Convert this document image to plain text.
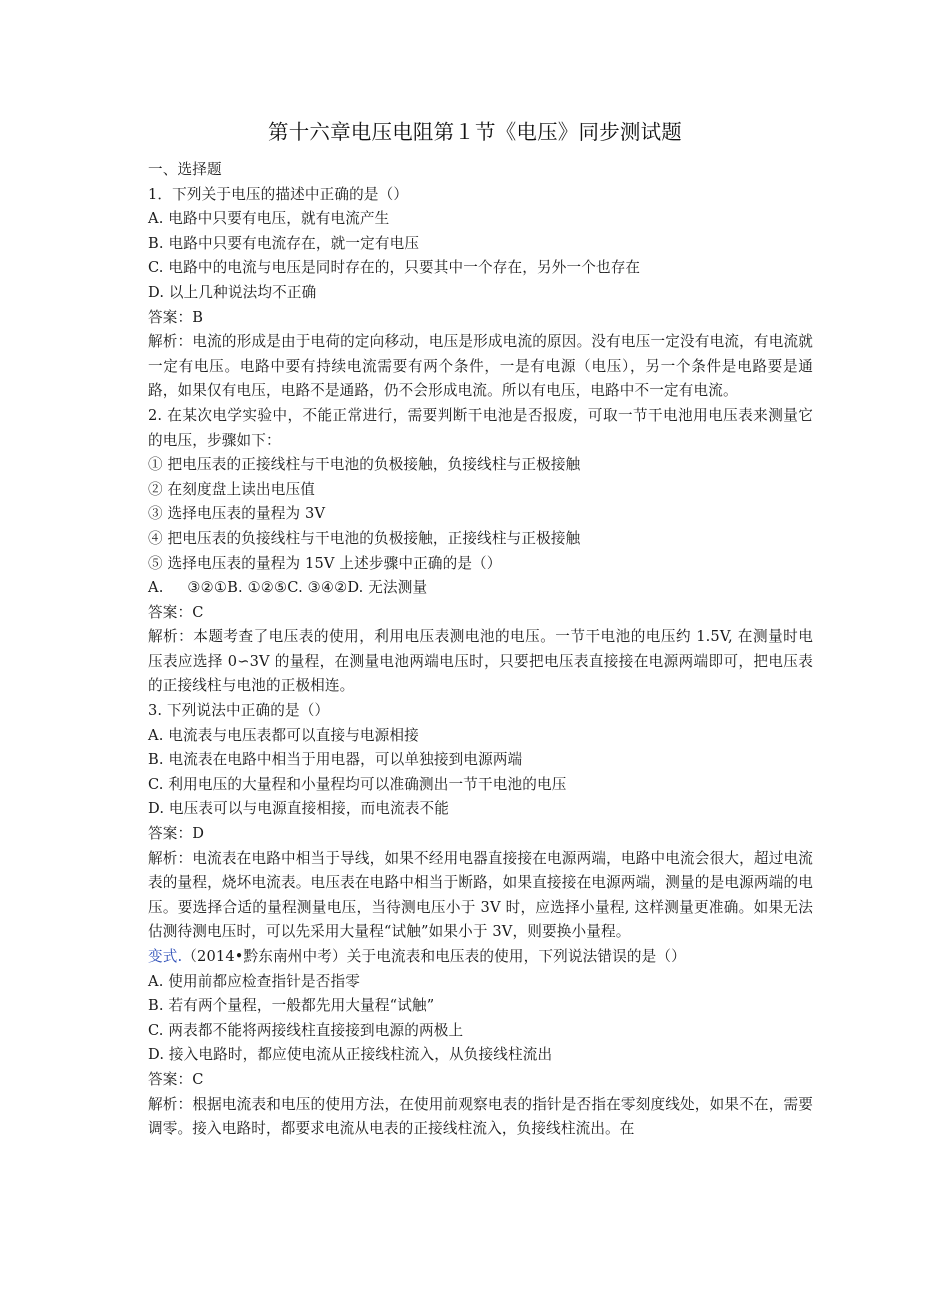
第十六章电压电阻第１节《电压》同步测试题

一、选择题

1．下列关于电压的描述中正确的是（）

A. 电路中只要有电压，就有电流产生

B. 电路中只要有电流存在，就一定有电压

C. 电路中的电流与电压是同时存在的，只要其中一个存在，另外一个也存在

D. 以上几种说法均不正确

答案：B

解析：电流的形成是由于电荷的定向移动，电压是形成电流的原因。没有电压一定没有电流，有电流就一定有电压。电路中要有持续电流需要有两个条件，一是有电源（电压），另一个条件是电路要是通路，如果仅有电压，电路不是通路，仍不会形成电流。所以有电压，电路中不一定有电流。

2. 在某次电学实验中，不能正常进行，需要判断干电池是否报废，可取一节干电池用电压表来测量它的电压，步骤如下：

① 把电压表的正接线柱与干电池的负极接触，负接线柱与正极接触

② 在刻度盘上读出电压值

③ 选择电压表的量程为 3V

④ 把电压表的负接线柱与干电池的负极接触，正接线柱与正极接触

⑤ 选择电压表的量程为 15V 上述步骤中正确的是（）

A.     ③②①B. ①②⑤C. ③④②D. 无法测量

答案：C

解析：本题考查了电压表的使用，利用电压表测电池的电压。一节干电池的电压约 1.5V, 在测量时电压表应选择 0∽3V 的量程，在测量电池两端电压时，只要把电压表直接接在电源两端即可，把电压表的正接线柱与电池的正极相连。

3. 下列说法中正确的是（）

A. 电流表与电压表都可以直接与电源相接

B. 电流表在电路中相当于用电器，可以单独接到电源两端

C. 利用电压的大量程和小量程均可以准确测出一节干电池的电压

D. 电压表可以与电源直接相接，而电流表不能

答案：D

解析：电流表在电路中相当于导线，如果不经用电器直接接在电源两端，电路中电流会很大，超过电流表的量程，烧坏电流表。电压表在电路中相当于断路，如果直接接在电源两端，测量的是电源两端的电压。要选择合适的量程测量电压，当待测电压小于 3V 时，应选择小量程, 这样测量更准确。如果无法估测待测电压时，可以先采用大量程“试触”如果小于 3V，则要换小量程。

变式.（2014•黔东南州中考）关于电流表和电压表的使用，下列说法错误的是（）

A. 使用前都应检查指针是否指零

B. 若有两个量程，一般都先用大量程“试触”

C. 两表都不能将两接线柱直接接到电源的两极上

D. 接入电路时，都应使电流从正接线柱流入，从负接线柱流出

答案：C

解析：根据电流表和电压的使用方法，在使用前观察电表的指针是否指在零刻度线处，如果不在，需要调零。接入电路时，都要求电流从电表的正接线柱流入，负接线柱流出。在
